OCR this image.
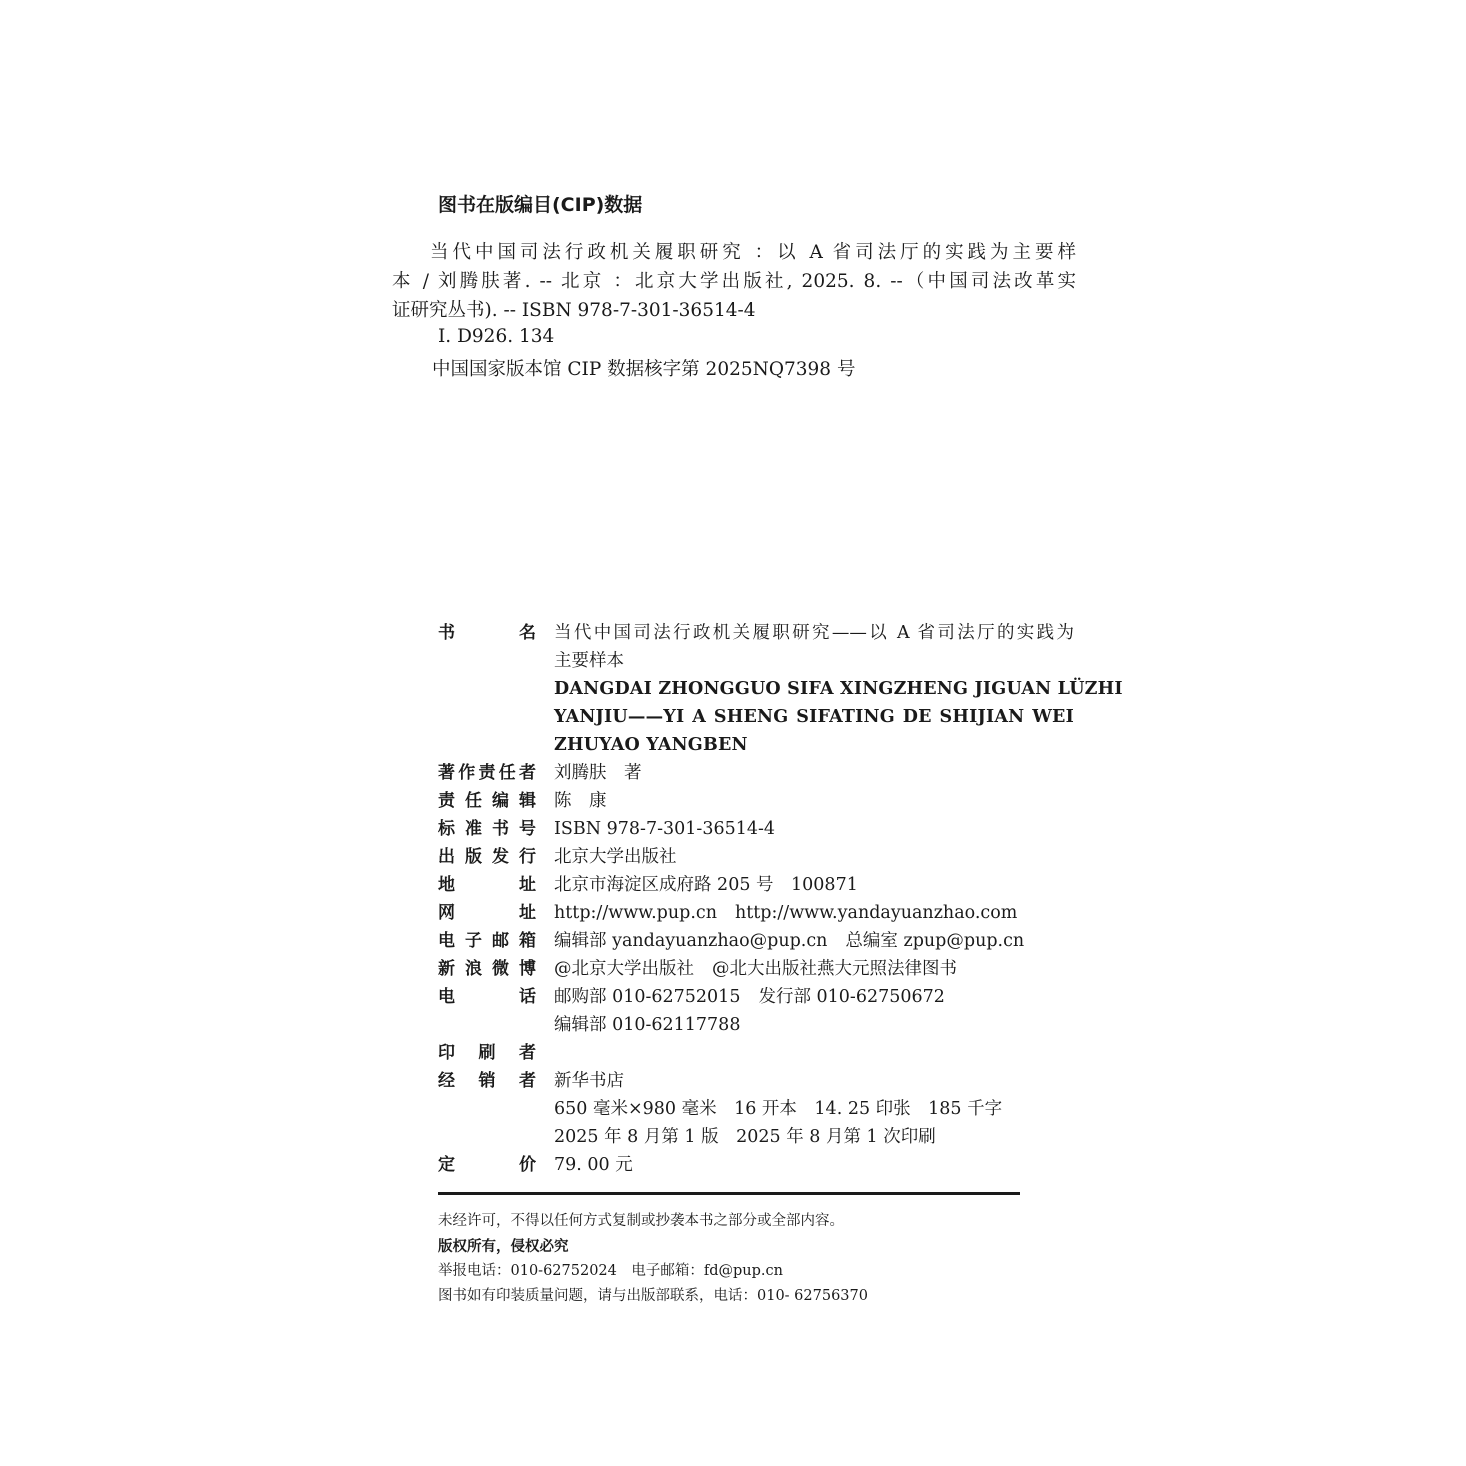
图书在版编目(CIP)数据
当代中国司法行政机关履职研究 ：以 A 省司法厅的实践为主要样
本 / 刘腾肤著. -- 北京 ：北京大学出版社, 2025. 8. --（中国司法改革实
证研究丛书). -- ISBN 978-7-301-36514-4
Ⅰ. D926. 134
中国国家版本馆 CIP 数据核字第 2025NQ7398 号
书名 当代中国司法行政机关履职研究——以 A 省司法厅的实践为
主要样本
DANGDAI ZHONGGUO SIFA XINGZHENG JIGUAN LÜZHI
YANJIU——YI A SHENG SIFATING DE SHIJIAN WEI
ZHUYAO YANGBEN
著作责任者 刘腾肤　著
责任编辑 陈　康
标准书号 ISBN 978-7-301-36514-4
出版发行 北京大学出版社
地址 北京市海淀区成府路 205 号　100871
网址 http://www.pup.cn http://www.yandayuanzhao.com
电子邮箱 编辑部 yandayuanzhao@pup.cn 总编室 zpup@pup.cn
新浪微博 @北京大学出版社 @北大出版社燕大元照法律图书
电话 邮购部 010-62752015 发行部 010-62750672
编辑部 010-62117788
印刷者
经销者 新华书店
650 毫米×980 毫米　16 开本　14. 25 印张　185 千字
2025 年 8 月第 1 版　2025 年 8 月第 1 次印刷
定价 79. 00 元
未经许可，不得以任何方式复制或抄袭本书之部分或全部内容。
版权所有，侵权必究
举报电话：010-62752024　电子邮箱：fd@pup.cn
图书如有印装质量问题，请与出版部联系，电话：010- 62756370
